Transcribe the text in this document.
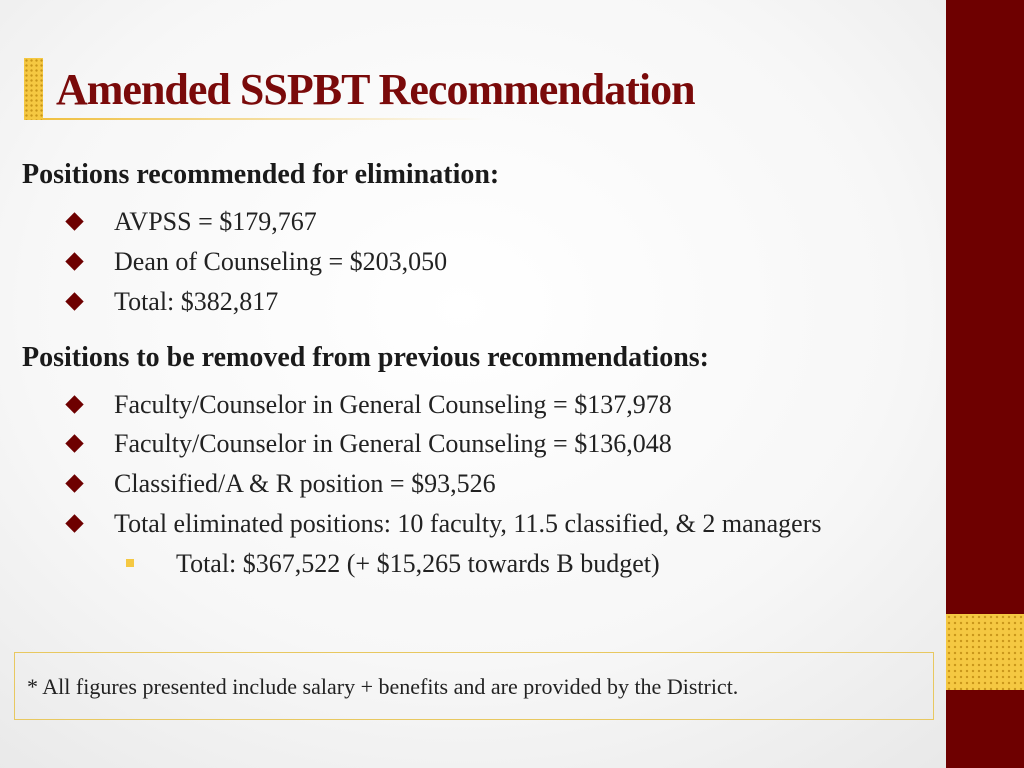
Amended SSPBT Recommendation
Positions recommended for elimination:
AVPSS = $179,767
Dean of Counseling = $203,050
Total: $382,817
Positions to be removed from previous recommendations:
Faculty/Counselor in General Counseling = $137,978
Faculty/Counselor in General Counseling = $136,048
Classified/A & R position = $93,526
Total eliminated positions: 10 faculty, 11.5 classified, & 2 managers
Total: $367,522 (+ $15,265 towards B budget)
* All figures presented include salary + benefits and are provided by the District.
